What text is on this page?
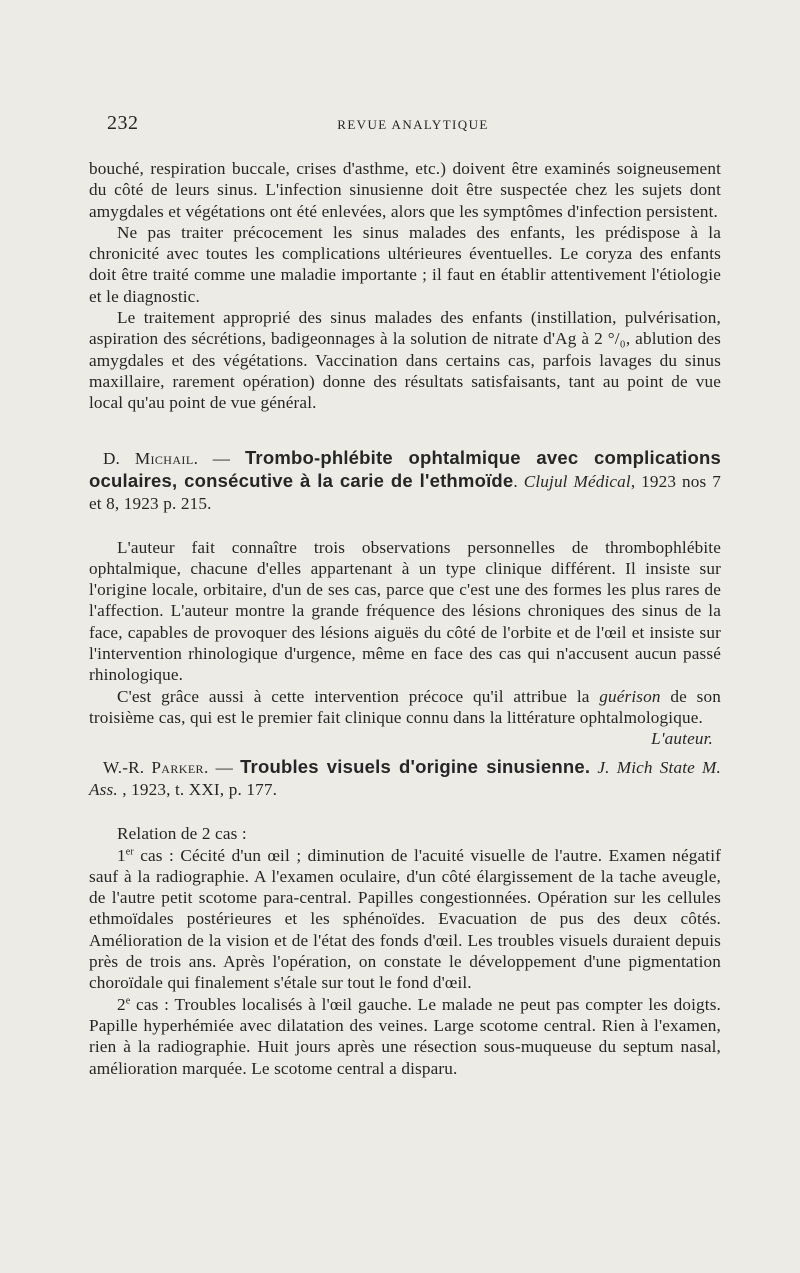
232	REVUE ANALYTIQUE

bouché, respiration buccale, crises d'asthme, etc.) doivent être examinés soigneusement du côté de leurs sinus. L'infection sinusienne doit être suspectée chez les sujets dont amygdales et végétations ont été enlevées, alors que les symptômes d'infection persistent.

Ne pas traiter précocement les sinus malades des enfants, les prédispose à la chronicité avec toutes les complications ultérieures éventuelles. Le coryza des enfants doit être traité comme une maladie importante ; il faut en établir attentivement l'étiologie et le diagnostic.

Le traitement approprié des sinus malades des enfants (instillation, pulvérisation, aspiration des sécrétions, badigeonnages à la solution de nitrate d'Ag à 2 °/₀, ablution des amygdales et des végétations. Vaccination dans certains cas, parfois lavages du sinus maxillaire, rarement opération) donne des résultats satisfaisants, tant au point de vue local qu'au point de vue général.

D. Michail. — Trombo-phlébite ophtalmique avec complications oculaires, consécutive à la carie de l'ethmoïde. Clujul Médical, 1923 nos 7 et 8, 1923 p. 215.

L'auteur fait connaître trois observations personnelles de thrombophlébite ophtalmique, chacune d'elles appartenant à un type clinique différent. Il insiste sur l'origine locale, orbitaire, d'un de ses cas, parce que c'est une des formes les plus rares de l'affection. L'auteur montre la grande fréquence des lésions chroniques des sinus de la face, capables de provoquer des lésions aiguës du côté de l'orbite et de l'œil et insiste sur l'intervention rhinologique d'urgence, même en face des cas qui n'accusent aucun passé rhinologique.

C'est grâce aussi à cette intervention précoce qu'il attribue la guérison de son troisième cas, qui est le premier fait clinique connu dans la littérature ophtalmologique.
L'auteur.

W.-R. Parker. — Troubles visuels d'origine sinusienne. J. Mich State M. Ass. , 1923, t. XXI, p. 177.

Relation de 2 cas :

1er cas : Cécité d'un œil ; diminution de l'acuité visuelle de l'autre. Examen négatif sauf à la radiographie. A l'examen oculaire, d'un côté élargissement de la tache aveugle, de l'autre petit scotome para-central. Papilles congestionnées. Opération sur les cellules ethmoïdales postérieures et les sphénoïdes. Evacuation de pus des deux côtés. Amélioration de la vision et de l'état des fonds d'œil. Les troubles visuels duraient depuis près de trois ans. Après l'opération, on constate le développement d'une pigmentation choroïdale qui finalement s'étale sur tout le fond d'œil.

2e cas : Troubles localisés à l'œil gauche. Le malade ne peut pas compter les doigts. Papille hyperhémiée avec dilatation des veines. Large scotome central. Rien à l'examen, rien à la radiographie. Huit jours après une résection sous-muqueuse du septum nasal, amélioration marquée. Le scotome central a disparu.
